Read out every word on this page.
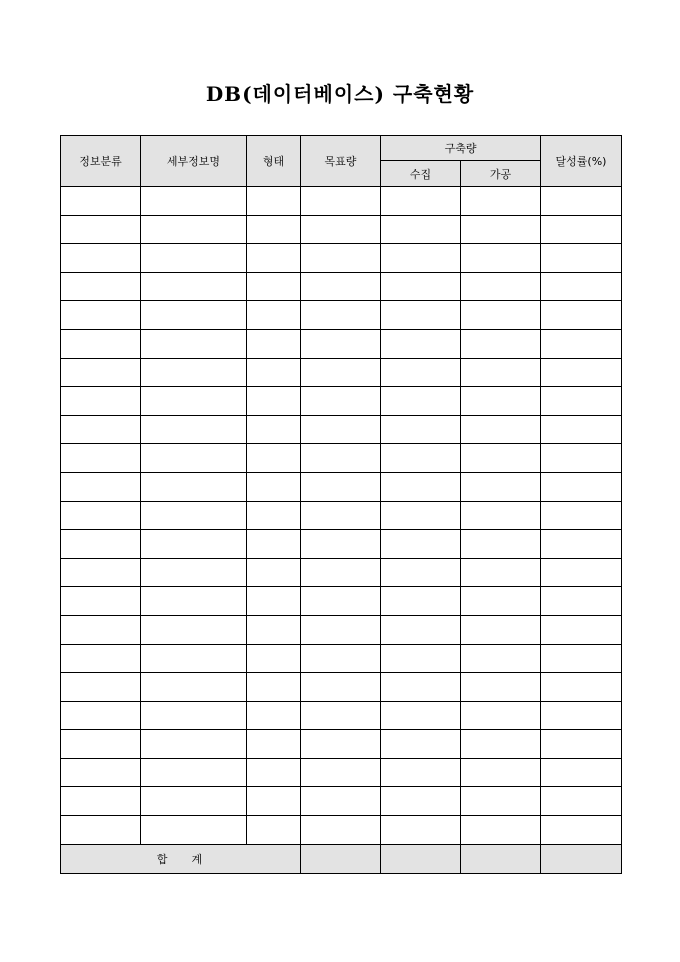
DB(데이터베이스) 구축현황
정보분류	세부정보명	형태	목표량	구축량		달성률(%)
				수집	가공	

합    계						
